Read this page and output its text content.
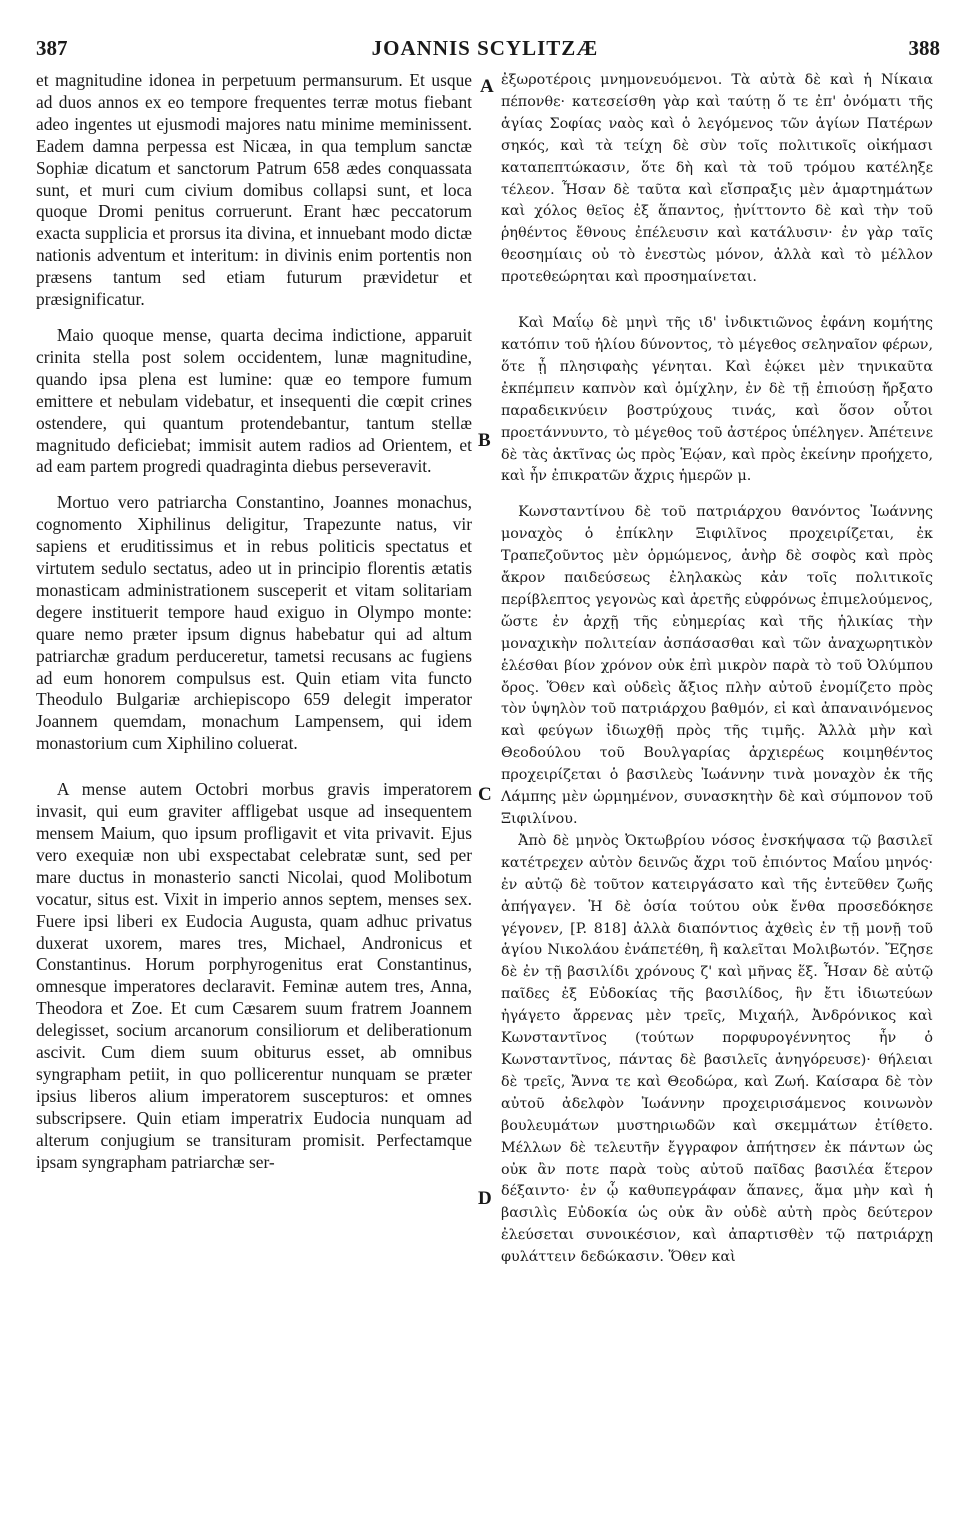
387	JOANNIS SCYLITZÆ	388
A
B
C
D

et magnitudine idonea in perpetuum permansurum. Et usque ad duos annos ex eo tempore frequentes terræ motus fiebant adeo ingentes ut ejusmodi majores natu minime meminissent. Eadem damna perpessa est Nicæa, in qua templum sanctæ Sophiæ dicatum et sanctorum Patrum 658 ædes conquassata sunt, et muri cum civium domibus collapsi sunt, et loca quoque Dromi penitus corruerunt. Erant hæc peccatorum exacta supplicia et prorsus ita divina, et innuebant modo dictæ nationis adventum et interitum: in divinis enim portentis non præsens tantum sed etiam futurum prævidetur et præsignificatur.

Maio quoque mense, quarta decima indictione, apparuit crinita stella post solem occidentem, lunæ magnitudine, quando ipsa plena est lumine: quæ eo tempore fumum emittere et nebulam videbatur, et insequenti die cœpit crines ostendere, qui quantum protendebantur, tantum stellæ magnitudo deficiebat; immisit autem radios ad Orientem, et ad eam partem progredi quadraginta diebus perseveravit.

Mortuo vero patriarcha Constantino, Joannes monachus, cognomento Xiphilinus deligitur, Trapezunte natus, vir sapiens et eruditissimus et in rebus politicis spectatus et virtutem sedulo sectatus, adeo ut in principio florentis ætatis monasticam administrationem susceperit et vitam solitariam degere instituerit tempore haud exiguo in Olympo monte: quare nemo præter ipsum dignus habebatur qui ad altum patriarchæ gradum perduceretur, tametsi recusans ac fugiens ad eum honorem compulsus est. Quin etiam vita functo Theodulo Bulgariæ archiepiscopo 659 delegit imperator Joannem quemdam, monachum Lampensem, qui idem monastorium cum Xiphilino coluerat.

A mense autem Octobri morbus gravis imperatorem invasit, qui eum graviter affligebat usque ad insequentem mensem Maium, quo ipsum profligavit et vita privavit. Ejus vero exequiæ non ubi exspectabat celebratæ sunt, sed per mare ductus in monasterio sancti Nicolai, quod Molibotum vocatur, situs est. Vixit in imperio annos septem, menses sex. Fuere ipsi liberi ex Eudocia Augusta, quam adhuc privatus duxerat uxorem, mares tres, Michael, Andronicus et Constantinus. Horum porphyrogenitus erat Constantinus, omnesque imperatores declaravit. Feminæ autem tres, Anna, Theodora et Zoe. Et cum Cæsarem suum fratrem Joannem delegisset, socium arcanorum consiliorum et deliberationum ascivit. Cum diem suum obiturus esset, ab omnibus syngrapham petiit, in quo pollicerentur nunquam se præter ipsius liberos alium imperatorem suscepturos: et omnes subscripsere. Quin etiam imperatrix Eudocia nunquam ad alterum conjugium se transituram promisit. Perfectamque ipsam syngrapham patriarchæ ser-

ἐξωροτέροις μνημονευόμενοι. Τὰ αὐτὰ δὲ καὶ ἡ Νίκαια πέπονθε· κατεσείσθη γὰρ καὶ ταύτῃ ὅ τε ἐπ' ὀνόματι τῆς ἁγίας Σοφίας ναὸς καὶ ὁ λεγόμενος τῶν ἁγίων Πατέρων σηκός, καὶ τὰ τείχη δὲ σὺν τοῖς πολιτικοῖς οἰκήμασι καταπεπτώκασιν, ὅτε δὴ καὶ τὰ τοῦ τρόμου κατέληξε τέλεον. Ἦσαν δὲ ταῦτα καὶ εἴσπραξις μὲν ἁμαρτημάτων καὶ χόλος θεῖος ἐξ ἅπαντος, ᾐνίττοντο δὲ καὶ τὴν τοῦ ῥηθέντος ἔθνους ἐπέλευσιν καὶ κατάλυσιν· ἐν γὰρ ταῖς θεοσημίαις οὐ τὸ ἐνεστὼς μόνον, ἀλλὰ καὶ τὸ μέλλον προτεθεώρηται καὶ προσημαίνεται.

Καὶ Μαΐῳ δὲ μηνὶ τῆς ιδ' ἰνδικτιῶνος ἐφάνη κομήτης κατόπιν τοῦ ἡλίου δύνοντος, τὸ μέγεθος σεληναῖον φέρων, ὅτε ᾖ πλησιφαὴς γένηται. Καὶ ἐῴκει μὲν τηνικαῦτα ἐκπέμπειν καπνὸν καὶ ὁμίχλην, ἐν δὲ τῇ ἐπιούσῃ ἤρξατο παραδεικνύειν βοστρύχους τινάς, καὶ ὅσον οὗτοι προετάννυντο, τὸ μέγεθος τοῦ ἀστέρος ὑπέληγεν. Ἀπέτεινε δὲ τὰς ἀκτῖνας ὡς πρὸς Ἑῴαν, καὶ πρὸς ἐκείνην προήχετο, καὶ ἦν ἐπικρατῶν ἄχρις ἡμερῶν μ.

Κωνσταντίνου δὲ τοῦ πατριάρχου θανόντος Ἰωάννης μοναχὸς ὁ ἐπίκλην Ξιφιλῖνος προχειρίζεται, ἐκ Τραπεζοῦντος μὲν ὁρμώμενος, ἀνὴρ δὲ σοφὸς καὶ πρὸς ἄκρον παιδεύσεως ἐληλακὼς κἀν τοῖς πολιτικοῖς περίβλεπτος γεγονὼς καὶ ἀρετῆς εὐφρόνως ἐπιμελούμενος, ὥστε ἐν ἀρχῇ τῆς εὐημερίας καὶ τῆς ἡλικίας τὴν μοναχικὴν πολιτείαν ἀσπάσασθαι καὶ τῶν ἀναχωρητικὸν ἑλέσθαι βίον χρόνον οὐκ ἐπὶ μικρὸν παρὰ τὸ τοῦ Ὀλύμπου ὄρος. Ὅθεν καὶ οὐδεὶς ἄξιος πλὴν αὐτοῦ ἐνομίζετο πρὸς τὸν ὑψηλὸν τοῦ πατριάρχου βαθμόν, εἰ καὶ ἀπαναινόμενος καὶ φεύγων ἰδιωχθῇ πρὸς τῆς τιμῆς. Ἀλλὰ μὴν καὶ Θεοδούλου τοῦ Βουλγαρίας ἀρχιερέως κοιμηθέντος προχειρίζεται ὁ βασιλεὺς Ἰωάννην τινὰ μοναχὸν ἐκ τῆς Λάμπης μὲν ὡρμημένον, συνασκητὴν δὲ καὶ σύμπονον τοῦ Ξιφιλίνου.

Ἀπὸ δὲ μηνὸς Ὀκτωβρίου νόσος ἐνσκήψασα τῷ βασιλεῖ κατέτρεχεν αὐτὸν δεινῶς ἄχρι τοῦ ἐπιόντος Μαΐου μηνός· ἐν αὐτῷ δὲ τοῦτον κατειργάσατο καὶ τῆς ἐντεῦθεν ζωῆς ἀπήγαγεν. Ἡ δὲ ὁσία τούτου οὐκ ἔνθα προσεδόκησε γέγονεν, [P. 818] ἀλλὰ διαπόντιος ἀχθεὶς ἐν τῇ μονῇ τοῦ ἁγίου Νικολάου ἐνάπετέθη, ἣ καλεῖται Μολιβωτόν. Ἔζησε δὲ ἐν τῇ βασιλίδι χρόνους ζ' καὶ μῆνας ἕξ. Ἦσαν δὲ αὐτῷ παῖδες ἐξ Εὐδοκίας τῆς βασιλίδος, ἣν ἔτι ἰδιωτεύων ἠγάγετο ἄρρενας μὲν τρεῖς, Μιχαήλ, Ἀνδρόνικος καὶ Κωνσταντῖνος (τούτων πορφυρογέννητος ἦν ὁ Κωνσταντῖνος, πάντας δὲ βασιλεῖς ἀνηγόρευσε)· θήλειαι δὲ τρεῖς, Ἄννα τε καὶ Θεοδώρα, καὶ Ζωή. Καίσαρα δὲ τὸν αὐτοῦ ἀδελφὸν Ἰωάννην προχειρισάμενος κοινωνὸν βουλευμάτων μυστηριωδῶν καὶ σκεμμάτων ἐτίθετο. Μέλλων δὲ τελευτῆν ἔγγραφον ἀπήτησεν ἐκ πάντων ὡς οὐκ ἂν ποτε παρὰ τοὺς αὐτοῦ παῖδας βασιλέα ἕτερον δέξαιντο· ἐν ᾧ καθυπεγράφαν ἅπανες, ἅμα μὴν καὶ ἡ βασιλὶς Εὐδοκία ὡς οὐκ ἂν οὐδὲ αὐτὴ πρὸς δεύτερον ἐλεύσεται συνοικέσιον, καὶ ἀπαρτισθὲν τῷ πατριάρχῃ φυλάττειν δεδώκασιν. Ὅθεν καὶ
